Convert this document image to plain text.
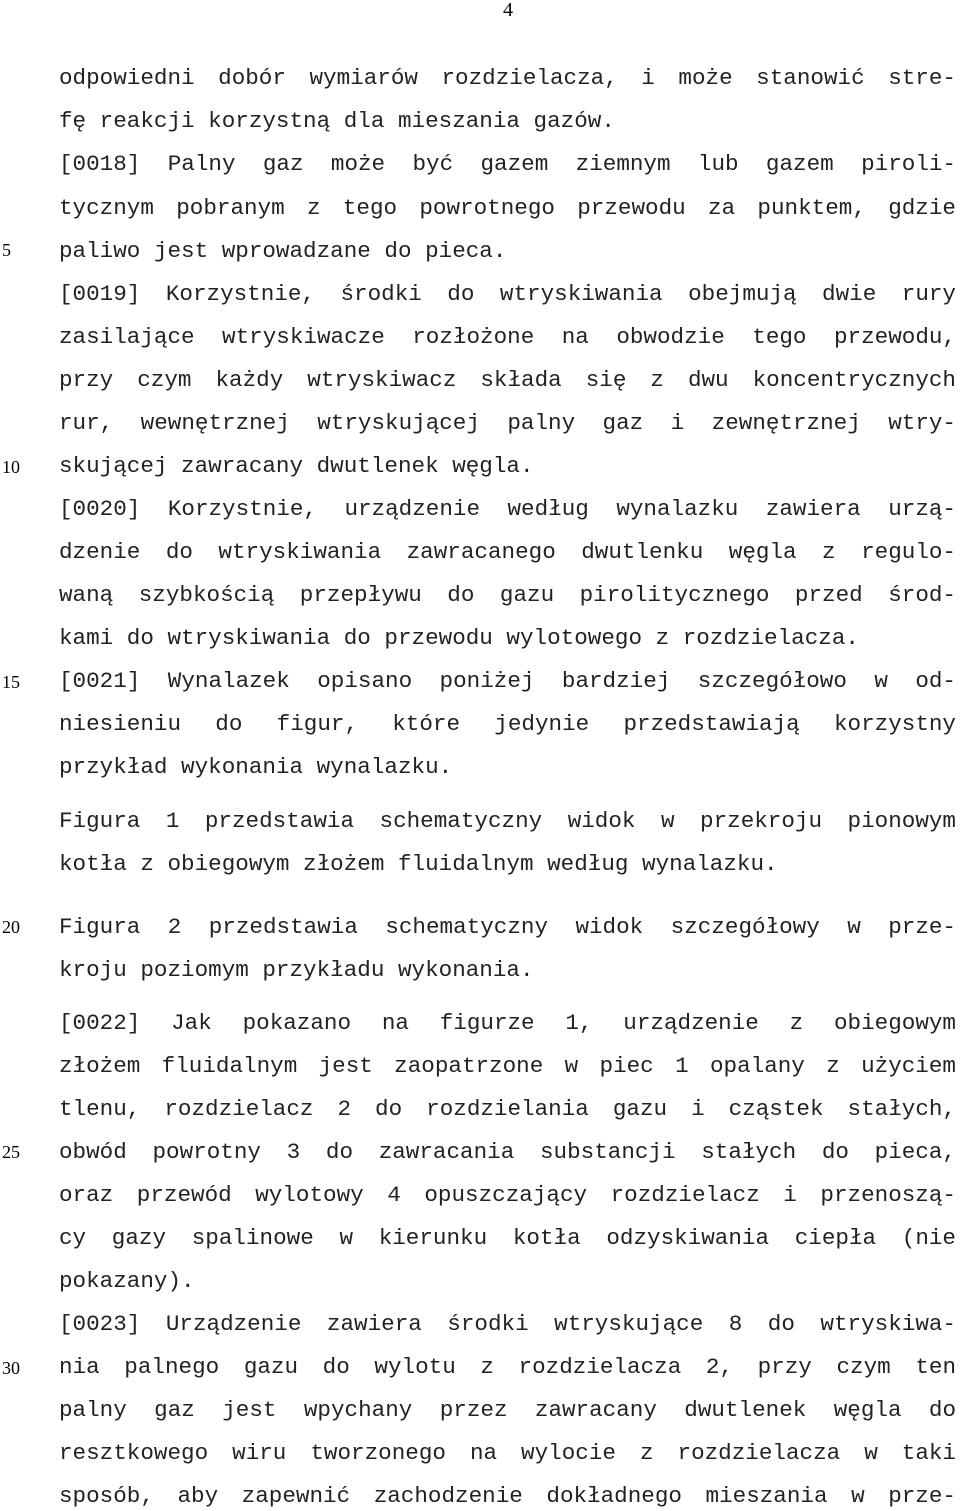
4
5
10
15
20
25
30
odpowiedni dobór wymiarów rozdzielacza, i może stanowić stre-
fę reakcji korzystną dla mieszania gazów.
[0018] Palny gaz może być gazem ziemnym lub gazem piroli-
tycznym pobranym z tego powrotnego przewodu za punktem, gdzie
paliwo jest wprowadzane do pieca.
[0019] Korzystnie, środki do wtryskiwania obejmują dwie rury
zasilające wtryskiwacze rozłożone na obwodzie tego przewodu,
przy czym każdy wtryskiwacz składa się z dwu koncentrycznych
rur, wewnętrznej wtryskującej palny gaz i zewnętrznej wtry-
skującej zawracany dwutlenek węgla.
[0020] Korzystnie, urządzenie według wynalazku zawiera urzą-
dzenie do wtryskiwania zawracanego dwutlenku węgla z regulo-
waną szybkością przepływu do gazu pirolitycznego przed środ-
kami do wtryskiwania do przewodu wylotowego z rozdzielacza.
[0021] Wynalazek opisano poniżej bardziej szczegółowo w od-
niesieniu do figur, które jedynie przedstawiają korzystny
przykład wykonania wynalazku.
Figura 1 przedstawia schematyczny widok w przekroju pionowym
kotła z obiegowym złożem fluidalnym według wynalazku.
Figura 2 przedstawia schematyczny widok szczegółowy w prze-
kroju poziomym przykładu wykonania.
[0022] Jak pokazano na figurze 1, urządzenie z obiegowym
złożem fluidalnym jest zaopatrzone w piec 1 opalany z użyciem
tlenu, rozdzielacz 2 do rozdzielania gazu i cząstek stałych,
obwód powrotny 3 do zawracania substancji stałych do pieca,
oraz przewód wylotowy 4 opuszczający rozdzielacz i przenoszą-
cy gazy spalinowe w kierunku kotła odzyskiwania ciepła (nie
pokazany).
[0023] Urządzenie zawiera środki wtryskujące 8 do wtryskiwa-
nia palnego gazu do wylotu z rozdzielacza 2, przy czym ten
palny gaz jest wpychany przez zawracany dwutlenek węgla do
resztkowego wiru tworzonego na wylocie z rozdzielacza w taki
sposób, aby zapewnić zachodzenie dokładnego mieszania w prze-
